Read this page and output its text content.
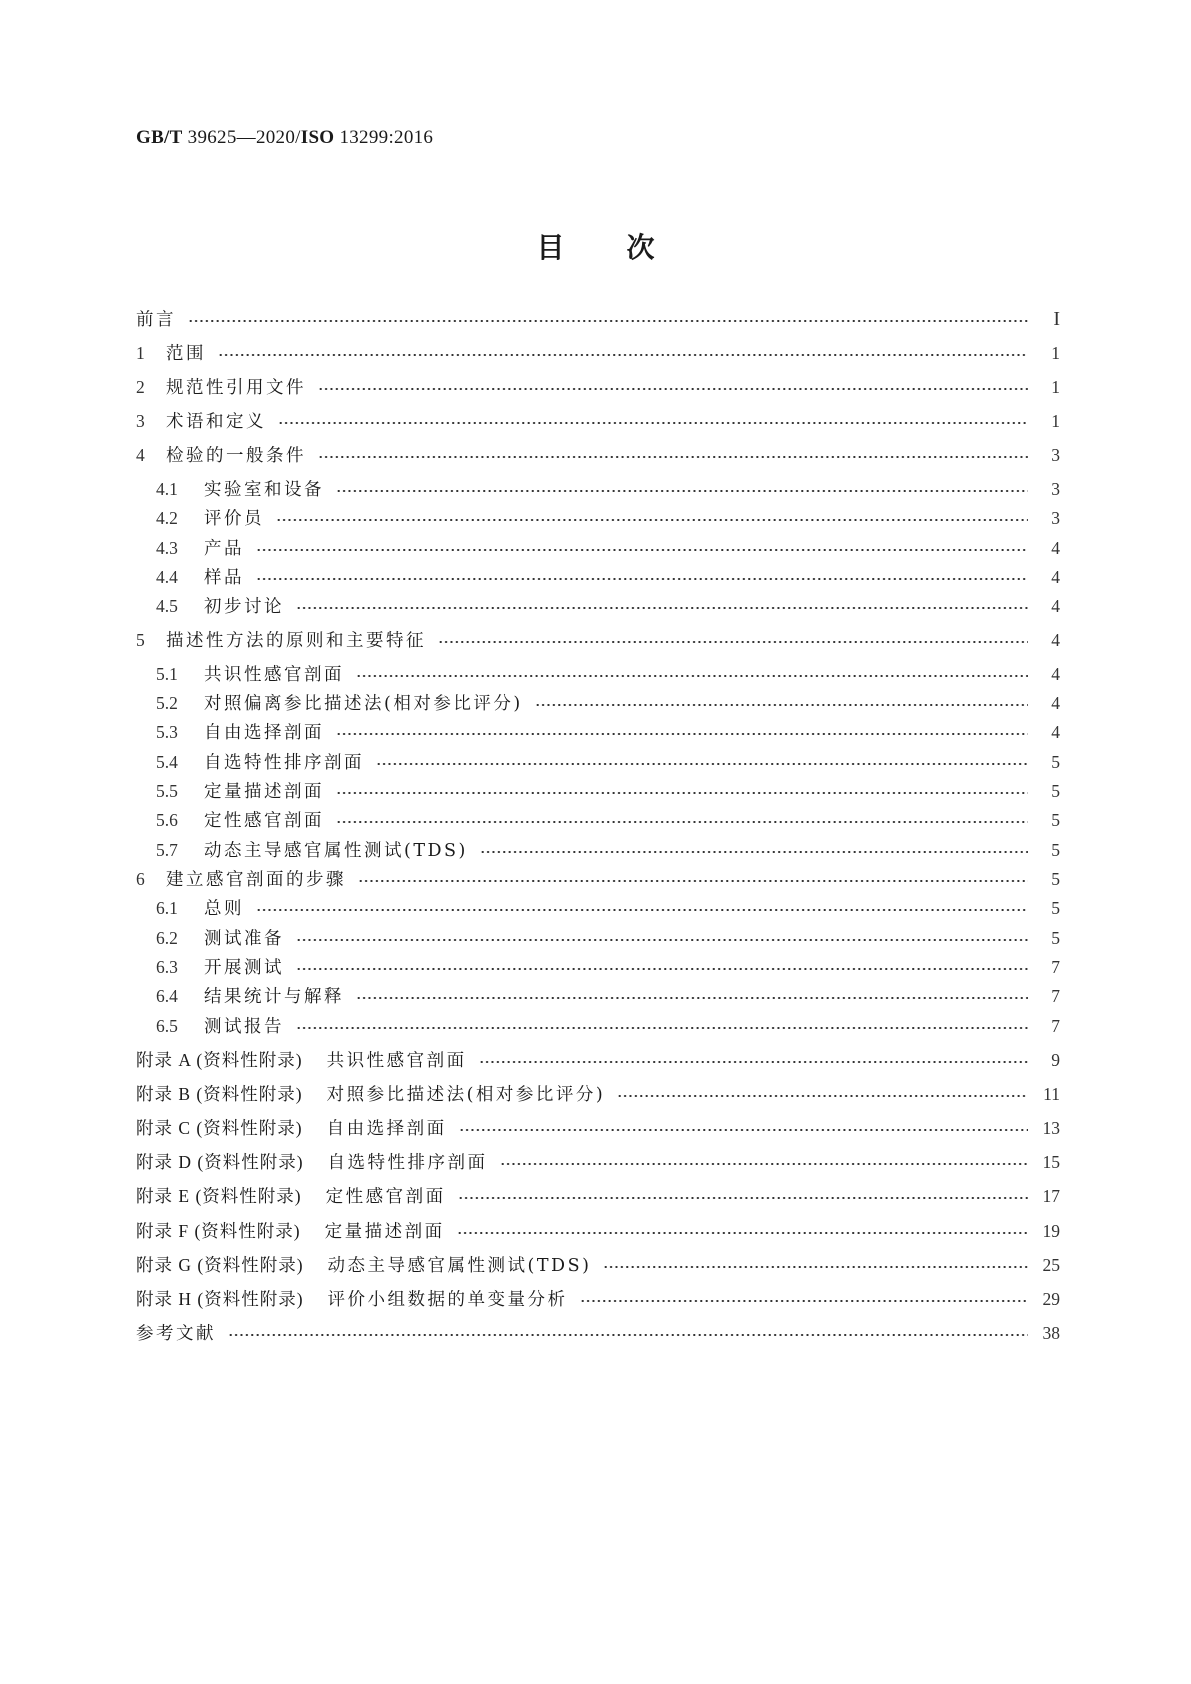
GB/T 39625—2020/ISO 13299:2016
目次
前言	I
1	范围	1
2	规范性引用文件	1
3	术语和定义	1
4	检验的一般条件	3
4.1	实验室和设备	3
4.2	评价员	3
4.3	产品	4
4.4	样品	4
4.5	初步讨论	4
5	描述性方法的原则和主要特征	4
5.1	共识性感官剖面	4
5.2	对照偏离参比描述法(相对参比评分)	4
5.3	自由选择剖面	4
5.4	自选特性排序剖面	5
5.5	定量描述剖面	5
5.6	定性感官剖面	5
5.7	动态主导感官属性测试(TDS)	5
6	建立感官剖面的步骤	5
6.1	总则	5
6.2	测试准备	5
6.3	开展测试	7
6.4	结果统计与解释	7
6.5	测试报告	7
附录 A (资料性附录)	共识性感官剖面	9
附录 B (资料性附录)	对照参比描述法(相对参比评分)	11
附录 C (资料性附录)	自由选择剖面	13
附录 D (资料性附录)	自选特性排序剖面	15
附录 E (资料性附录)	定性感官剖面	17
附录 F (资料性附录)	定量描述剖面	19
附录 G (资料性附录)	动态主导感官属性测试(TDS)	25
附录 H (资料性附录)	评价小组数据的单变量分析	29
参考文献	38
